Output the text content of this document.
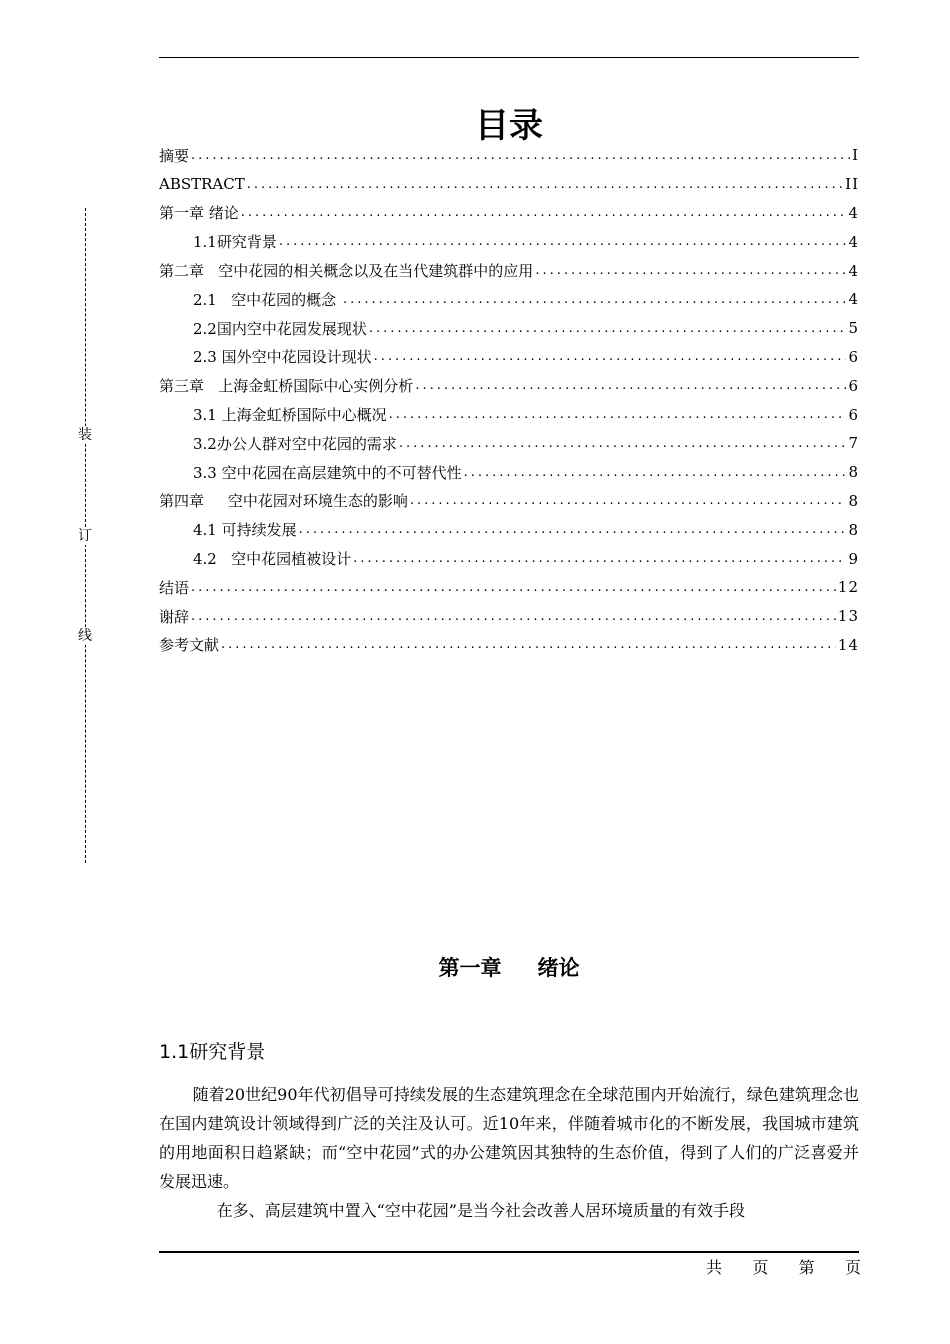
装
订
线
目录
摘要 .....	I
ABSTRACT .....	II
第一章 绪论 .....	4
1.1研究背景 .....	4
第二章   空中花园的相关概念以及在当代建筑群中的应用 .....	4
2.1   空中花园的概念 .....	4
2.2国内空中花园发展现状 .....	5
2.3 国外空中花园设计现状 .....	6
第三章   上海金虹桥国际中心实例分析 .....	6
3.1 上海金虹桥国际中心概况 .....	6
3.2办公人群对空中花园的需求 .....	7
3.3 空中花园在高层建筑中的不可替代性 .....	8
第四章     空中花园对环境生态的影响 .....	8
4.1 可持续发展 .....	8
4.2   空中花园植被设计 .....	9
结语 .....	12
谢辞 .....	13
参考文献 .....	14
第一章 绪论
1.1研究背景

随着20世纪90年代初倡导可持续发展的生态建筑理念在全球范围内开始流行，绿色建筑理念也在国内建筑设计领域得到广泛的关注及认可。近10年来，伴随着城市化的不断发展，我国城市建筑的用地面积日趋紧缺；而“空中花园”式的办公建筑因其独特的生态价值，得到了人们的广泛喜爱并发展迅速。

在多、高层建筑中置入“空中花园”是当今社会改善人居环境质量的有效手段

共 页 第 页
